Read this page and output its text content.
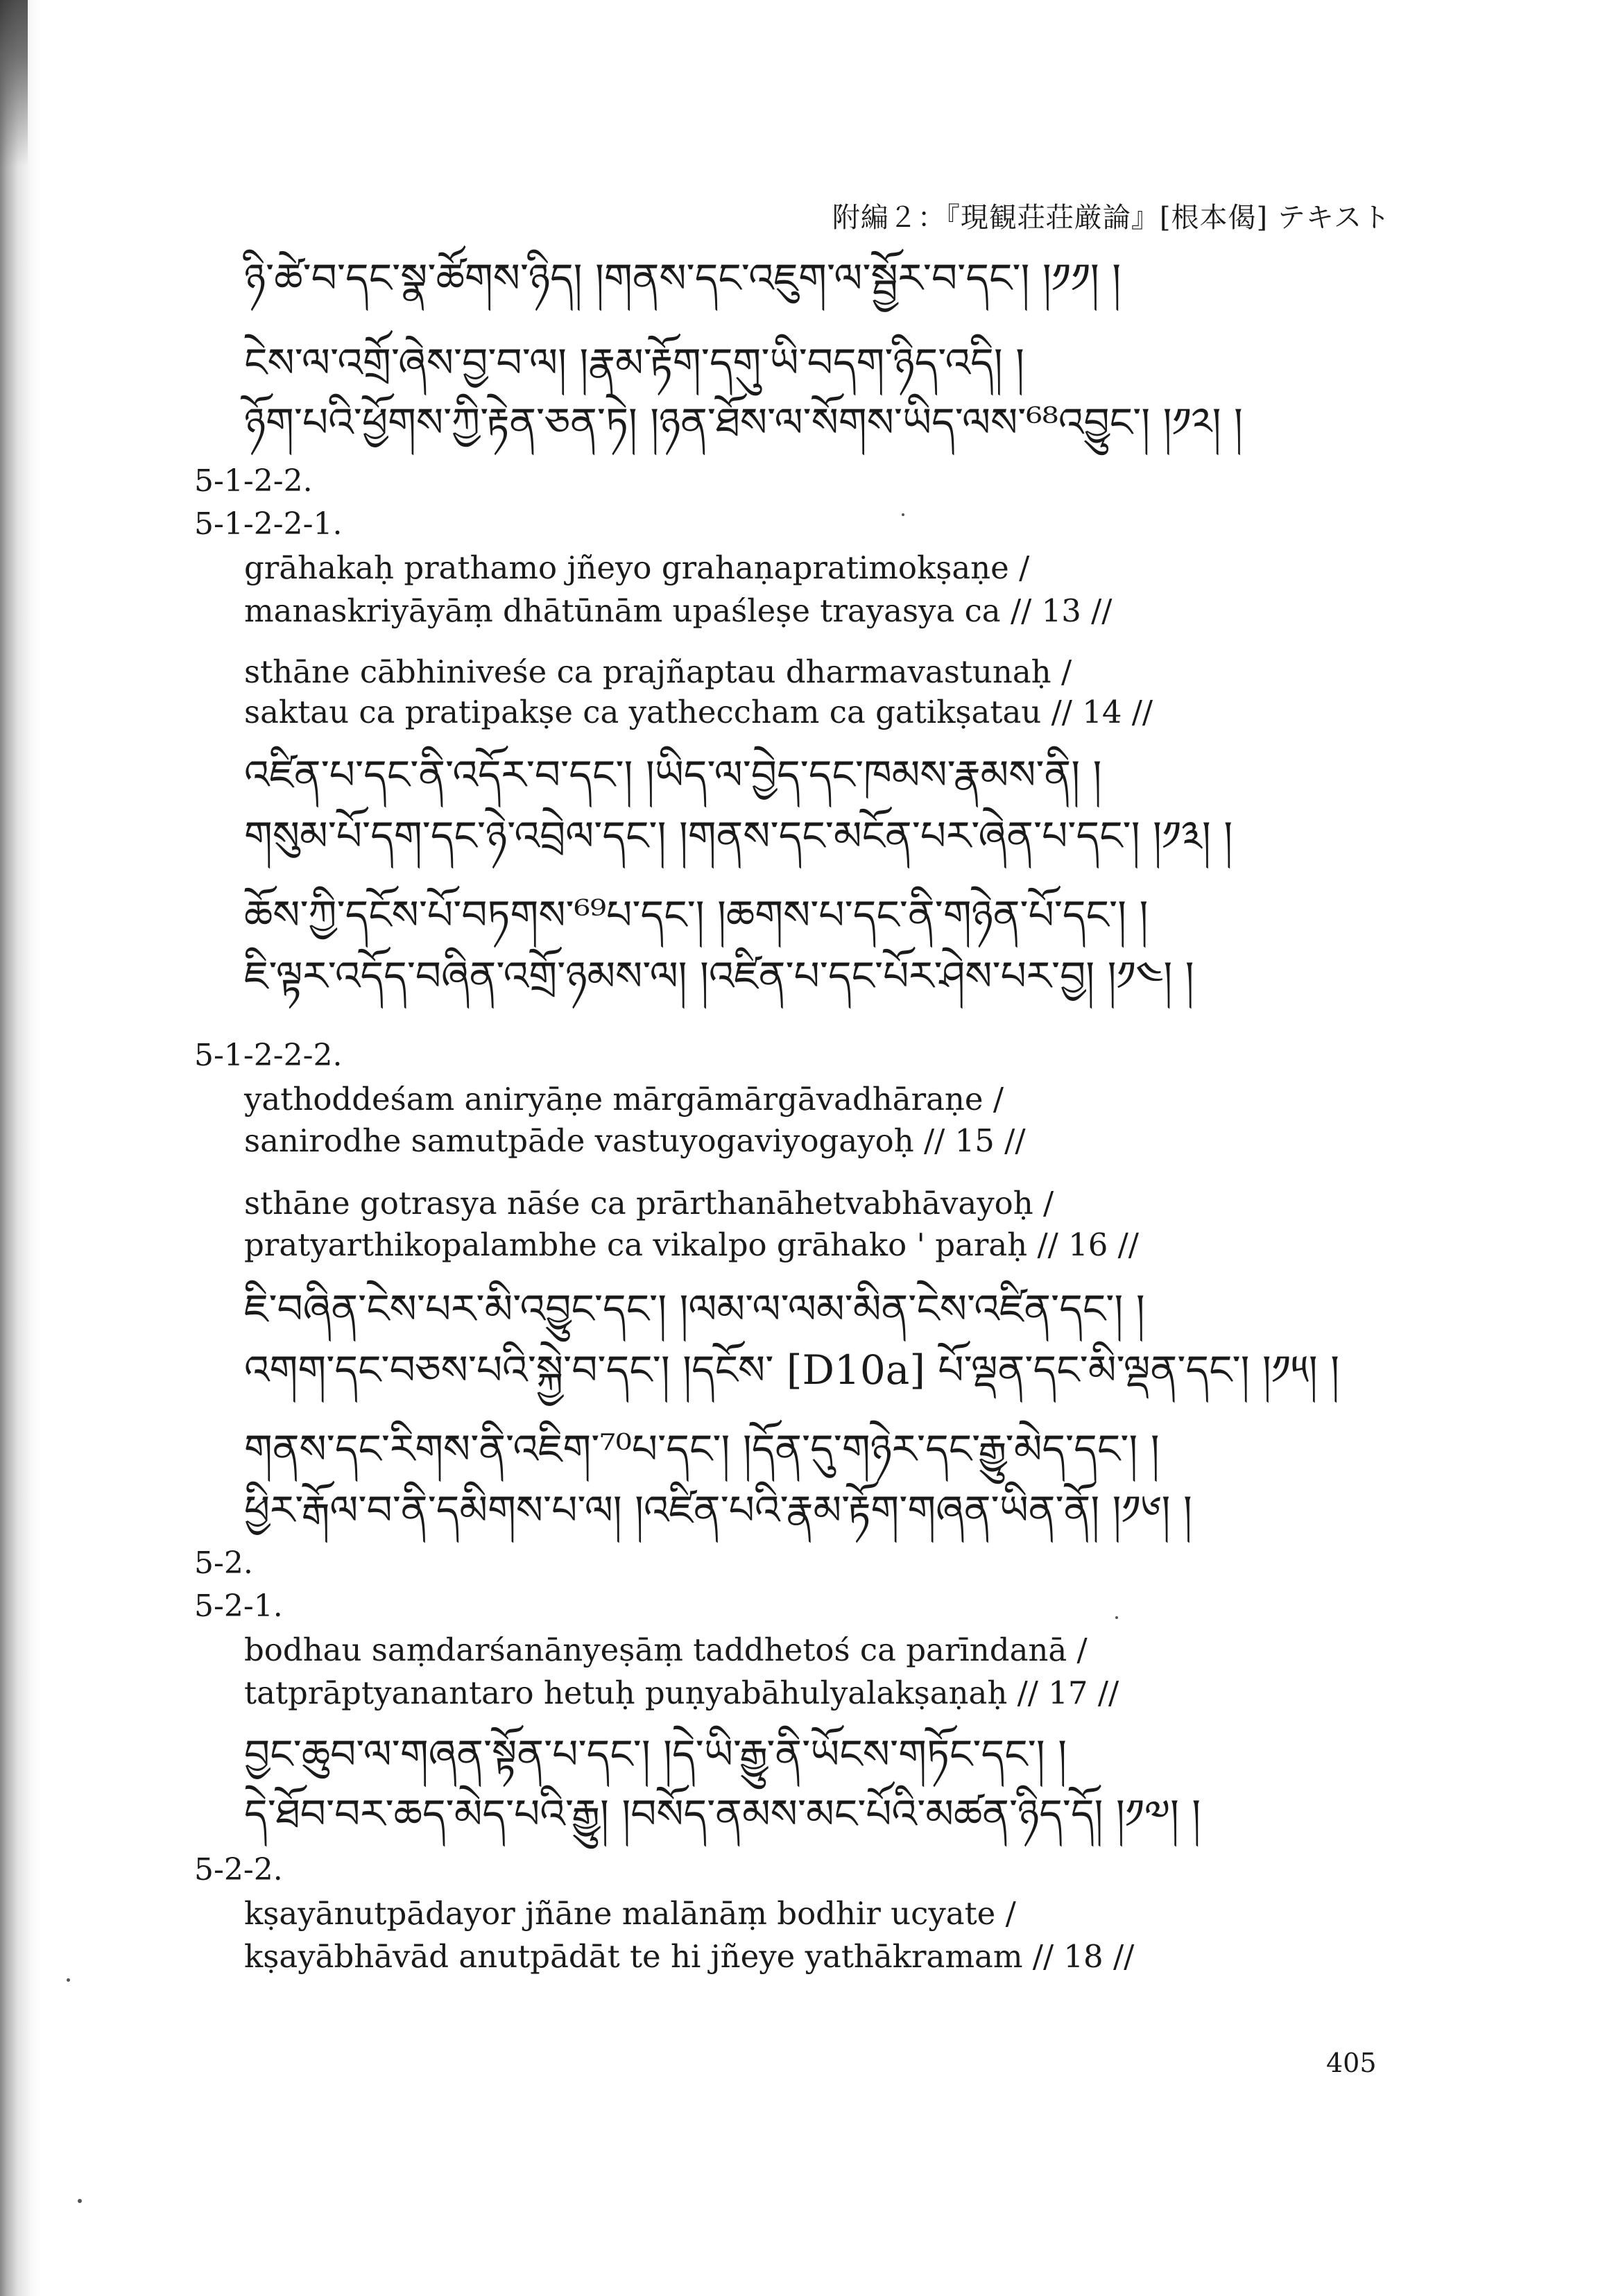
附編２：『現観荘荘厳論』[根本偈] テキスト
ཉི་ཚེ་བ་དང་སྣ་ཚོགས་ཉིད། །གནས་དང་འཇུག་ལ་སྦྱོར་བ་དང་། །༡༡། །
ངེས་ལ་འགྲོ་ཞེས་བྱ་བ་ལ། །རྣམ་རྟོག་དགུ་ཡི་བདག་ཉིད་འདི། །
ཉོག་པའི་ཕྱོགས་ཀྱི་རྟེན་ཅན་ཏེ། །ཉན་ཐོས་ལ་སོགས་ཡིད་ལས་⁶⁸འབྱུང་། །༡༢། །
5-1-2-2.
5-1-2-2-1.
grāhakaḥ prathamo jñeyo grahaṇapratimokṣaṇe /
manaskriyāyāṃ dhātūnām upaśleṣe trayasya ca // 13 //
sthāne cābhiniveśe ca prajñaptau dharmavastunaḥ /
saktau ca pratipakṣe ca yatheccham ca gatikṣatau // 14 //
འཛིན་པ་དང་ནི་འདོར་བ་དང་། །ཡིད་ལ་བྱེད་དང་ཁམས་རྣམས་ནི། །
གསུམ་པོ་དག་དང་ཉེ་འབྲེལ་དང་། །གནས་དང་མངོན་པར་ཞེན་པ་དང་། །༡༣། །
ཆོས་ཀྱི་དངོས་པོ་བཏགས་⁶⁹པ་དང་། །ཆགས་པ་དང་ནི་གཉེན་པོ་དང་། །
ཇི་ལྟར་འདོད་བཞིན་འགྲོ་ཉམས་ལ། །འཛིན་པ་དང་པོར་ཤེས་པར་བྱ། །༡༤། །
5-1-2-2-2.
yathoddeśam aniryāṇe mārgāmārgāvadhāraṇe /
sanirodhe samutpāde vastuyogaviyogayoḥ // 15 //
sthāne gotrasya nāśe ca prārthanāhetvabhāvayoḥ /
pratyarthikopalambhe ca vikalpo grāhako ' paraḥ // 16 //
ཇི་བཞིན་ངེས་པར་མི་འབྱུང་དང་། །ལམ་ལ་ལམ་མིན་ངེས་འཛིན་དང་། །
འགག་དང་བཅས་པའི་སྐྱེ་བ་དང་། །དངོས་ [D10a] པོ་ལྡན་དང་མི་ལྡན་དང་། །༡༥། །
གནས་དང་རིགས་ནི་འཇིག་⁷⁰པ་དང་། །དོན་དུ་གཉེར་དང་རྒྱུ་མེད་དང་། །
ཕྱིར་རྒོལ་བ་ནི་དམིགས་པ་ལ། །འཛིན་པའི་རྣམ་རྟོག་གཞན་ཡིན་ནོ། །༡༦། །
5-2.
5-2-1.
bodhau saṃdarśanānyeṣāṃ taddhetoś ca parīndanā /
tatprāptyanantaro hetuḥ puṇyabāhulyalakṣaṇaḥ // 17 //
བྱང་ཆུབ་ལ་གཞན་སྟོན་པ་དང་། །དེ་ཡི་རྒྱུ་ནི་ཡོངས་གཏོང་དང་། །
དེ་ཐོབ་བར་ཆད་མེད་པའི་རྒྱུ། །བསོད་ནམས་མང་པོའི་མཚན་ཉིད་དོ། །༡༧། །
5-2-2.
kṣayānutpādayor jñāne malānāṃ bodhir ucyate /
kṣayābhāvād anutpādāt te hi jñeye yathākramam // 18 //
405
